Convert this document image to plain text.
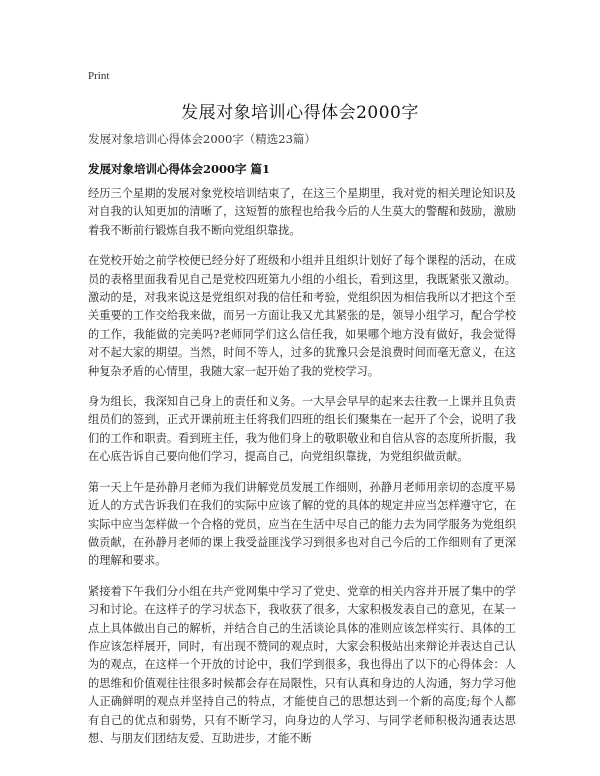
Print
发展对象培训心得体会2000字
发展对象培训心得体会2000字（精选23篇）
发展对象培训心得体会2000字 篇1

经历三个星期的发展对象党校培训结束了，在这三个星期里，我对党的相关理论知识及对自我的认知更加的清晰了，这短暂的旅程也给我今后的人生莫大的警醒和鼓励，激励着我不断前行锻炼自我不断向党组织靠拢。

在党校开始之前学校便已经分好了班级和小组并且组织计划好了每个课程的活动，在成员的表格里面我看见自己是党校四班第九小组的小组长，看到这里，我既紧张又激动。激动的是，对我来说这是党组织对我的信任和考验，党组织因为相信我所以才把这个至关重要的工作交给我来做，而另一方面让我又尤其紧张的是，领导小组学习，配合学校的工作，我能做的完美吗?老师同学们这么信任我，如果哪个地方没有做好，我会觉得对不起大家的期望。当然，时间不等人，过多的犹豫只会是浪费时间而毫无意义，在这种复杂矛盾的心情里，我随大家一起开始了我的党校学习。

身为组长，我深知自己身上的责任和义务。一大早会早早的起来去往教一上课并且负责组员们的签到，正式开课前班主任将我们四班的组长们聚集在一起开了个会，说明了我们的工作和职责。看到班主任，我为他们身上的敬职敬业和自信从容的态度所折服，我在心底告诉自己要向他们学习，提高自己，向党组织靠拢，为党组织做贡献。

第一天上午是孙静月老师为我们讲解党员发展工作细则，孙静月老师用亲切的态度平易近人的方式告诉我们在我们的实际中应该了解的党的具体的规定并应当怎样遵守它，在实际中应当怎样做一个合格的党员，应当在生活中尽自己的能力去为同学服务为党组织做贡献，在孙静月老师的课上我受益匪浅学习到很多也对自己今后的工作细则有了更深的理解和要求。

紧接着下午我们分小组在共产党网集中学习了党史、党章的相关内容并开展了集中的学习和讨论。在这样子的学习状态下，我收获了很多，大家积极发表自己的意见，在某一点上具体做出自己的解析，并结合自己的生活谈论具体的准则应该怎样实行、具体的工作应该怎样展开，同时，有出现不赞同的观点时，大家会积极站出来辩论并表达自己认为的观点，在这样一个开放的讨论中，我们学到很多，我也得出了以下的心得体会：人的思维和价值观往往很多时候都会存在局限性，只有认真和身边的人沟通，努力学习他人正确鲜明的观点并坚持自己的特点，才能使自己的思想达到一个新的高度;每个人都有自己的优点和弱势，只有不断学习，向身边的人学习、与同学老师积极沟通表达思想、与朋友们团结友爱、互助进步，才能不断
